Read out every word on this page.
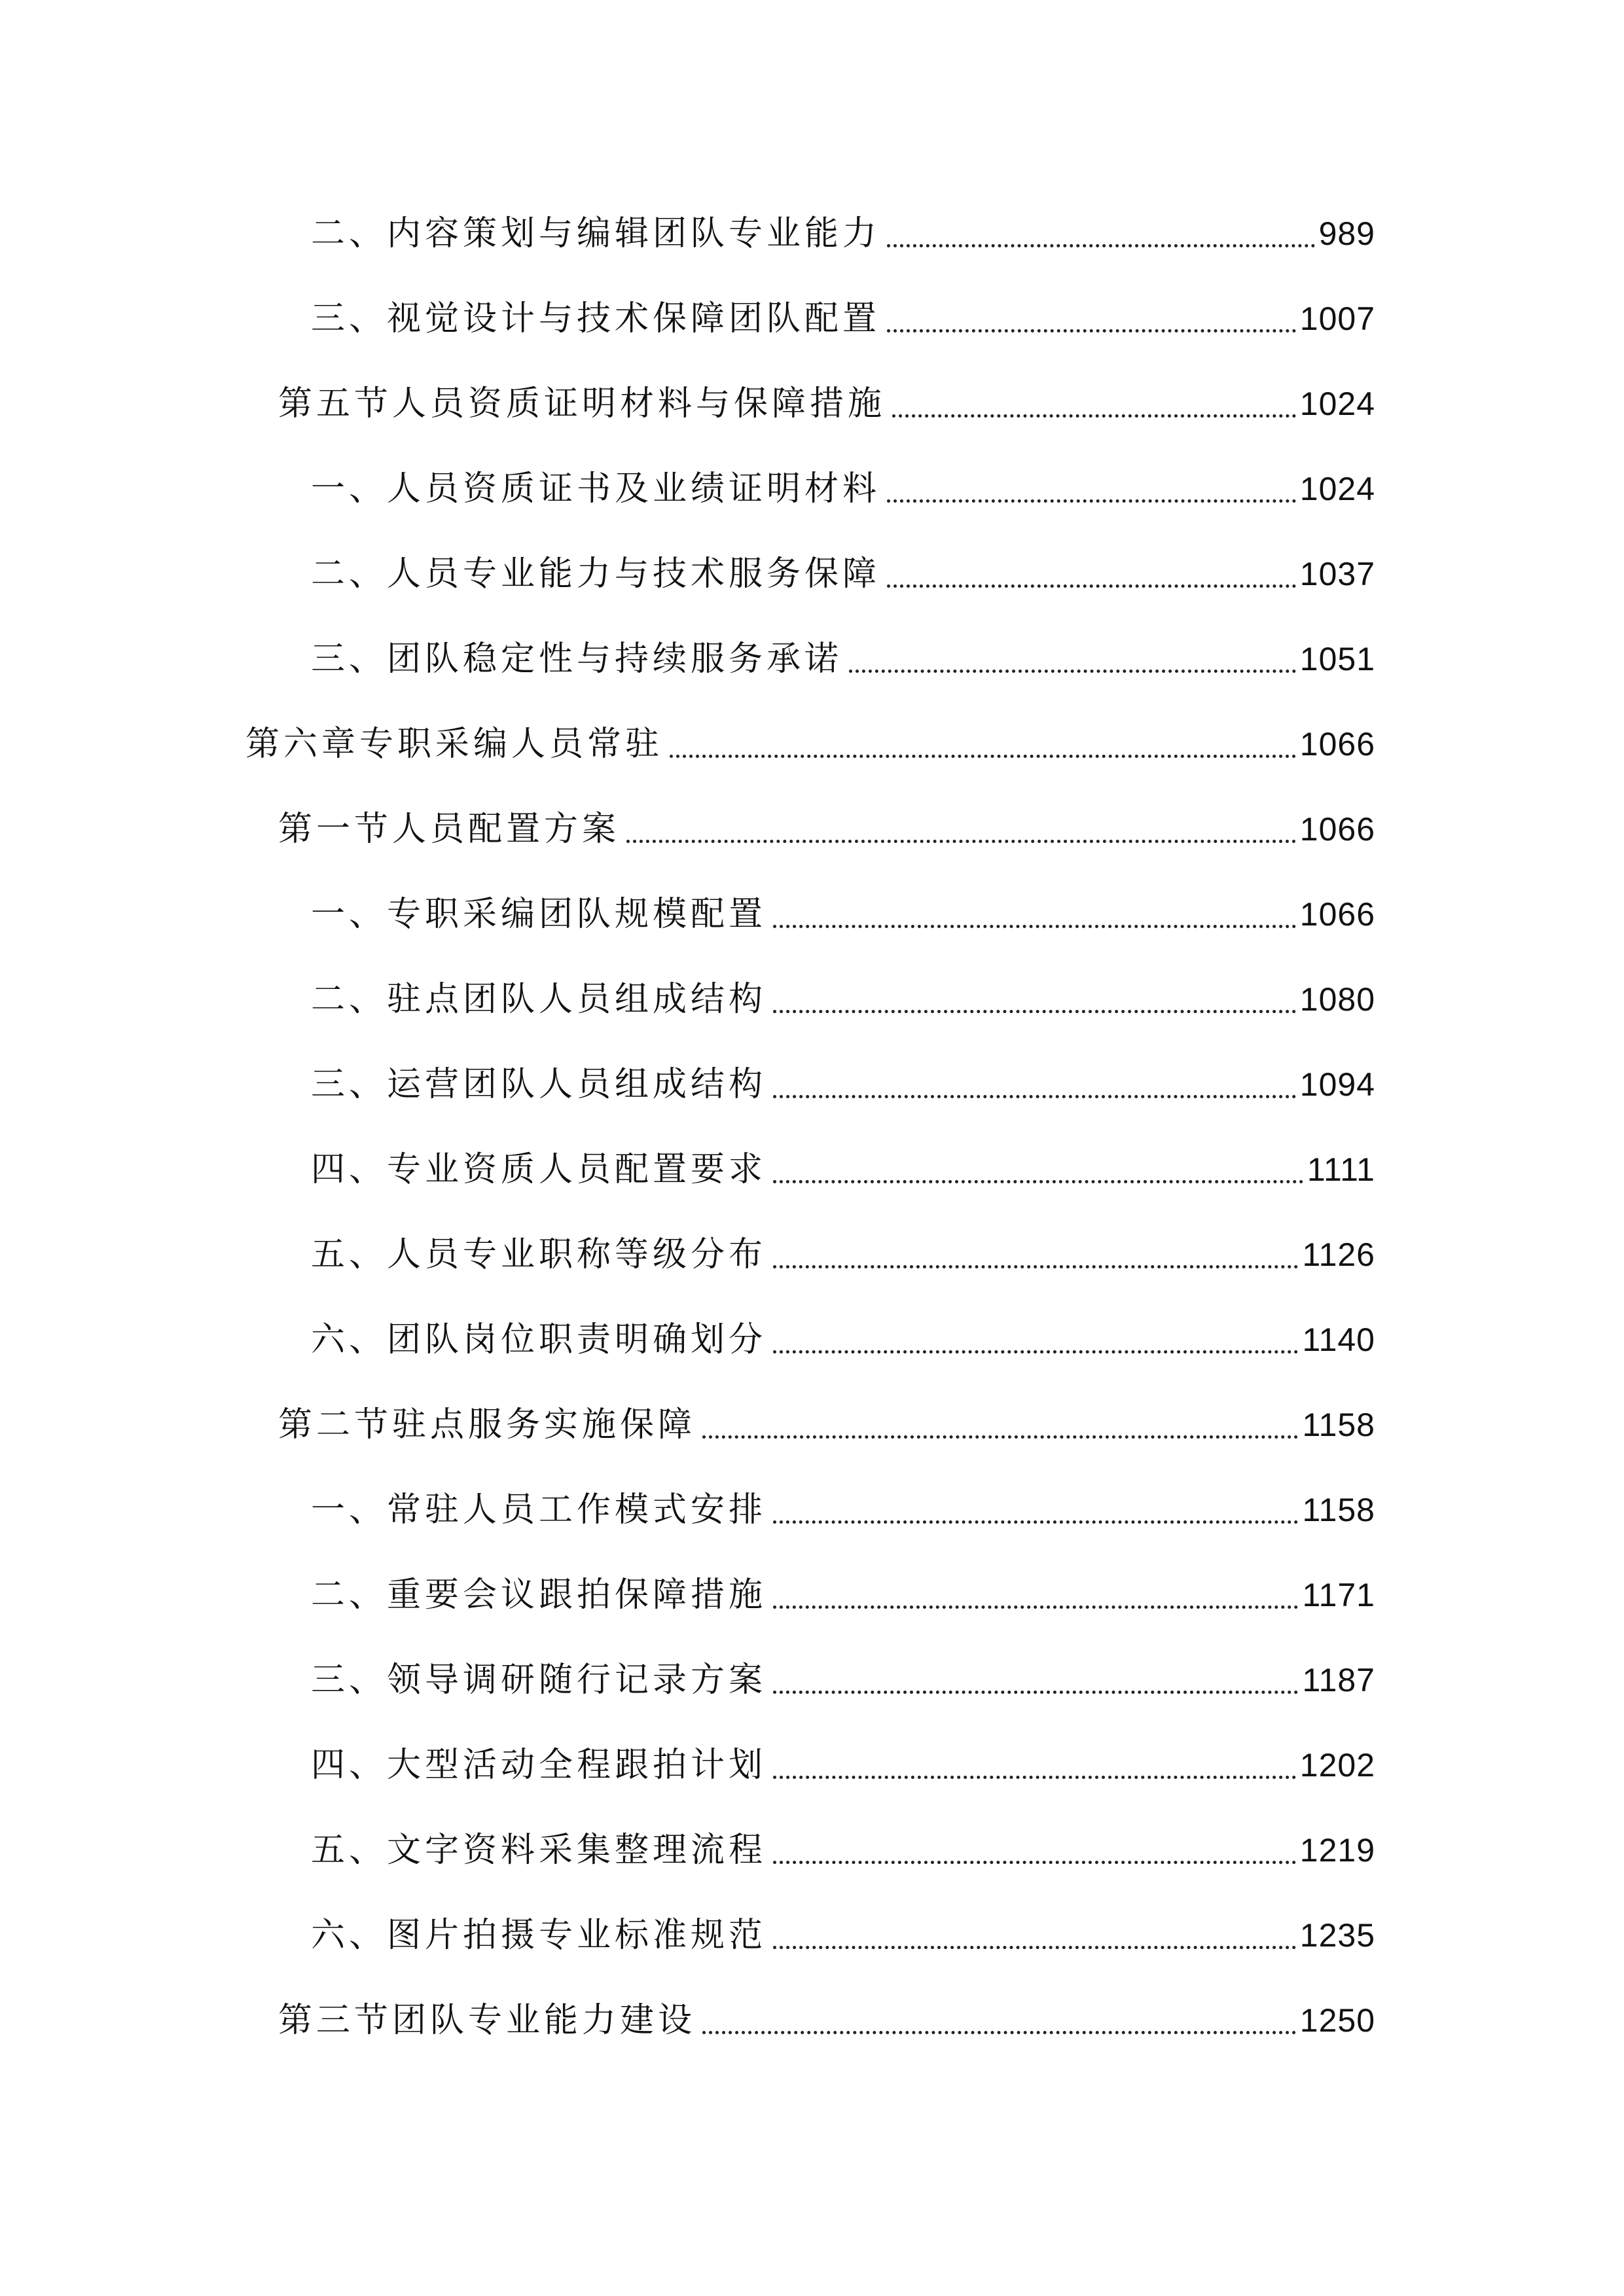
二、内容策划与编辑团队专业能力	989
三、视觉设计与技术保障团队配置	1007
第五节人员资质证明材料与保障措施	1024
一、人员资质证书及业绩证明材料	1024
二、人员专业能力与技术服务保障	1037
三、团队稳定性与持续服务承诺	1051
第六章专职采编人员常驻	1066
第一节人员配置方案	1066
一、专职采编团队规模配置	1066
二、驻点团队人员组成结构	1080
三、运营团队人员组成结构	1094
四、专业资质人员配置要求	1111
五、人员专业职称等级分布	1126
六、团队岗位职责明确划分	1140
第二节驻点服务实施保障	1158
一、常驻人员工作模式安排	1158
二、重要会议跟拍保障措施	1171
三、领导调研随行记录方案	1187
四、大型活动全程跟拍计划	1202
五、文字资料采集整理流程	1219
六、图片拍摄专业标准规范	1235
第三节团队专业能力建设	1250
